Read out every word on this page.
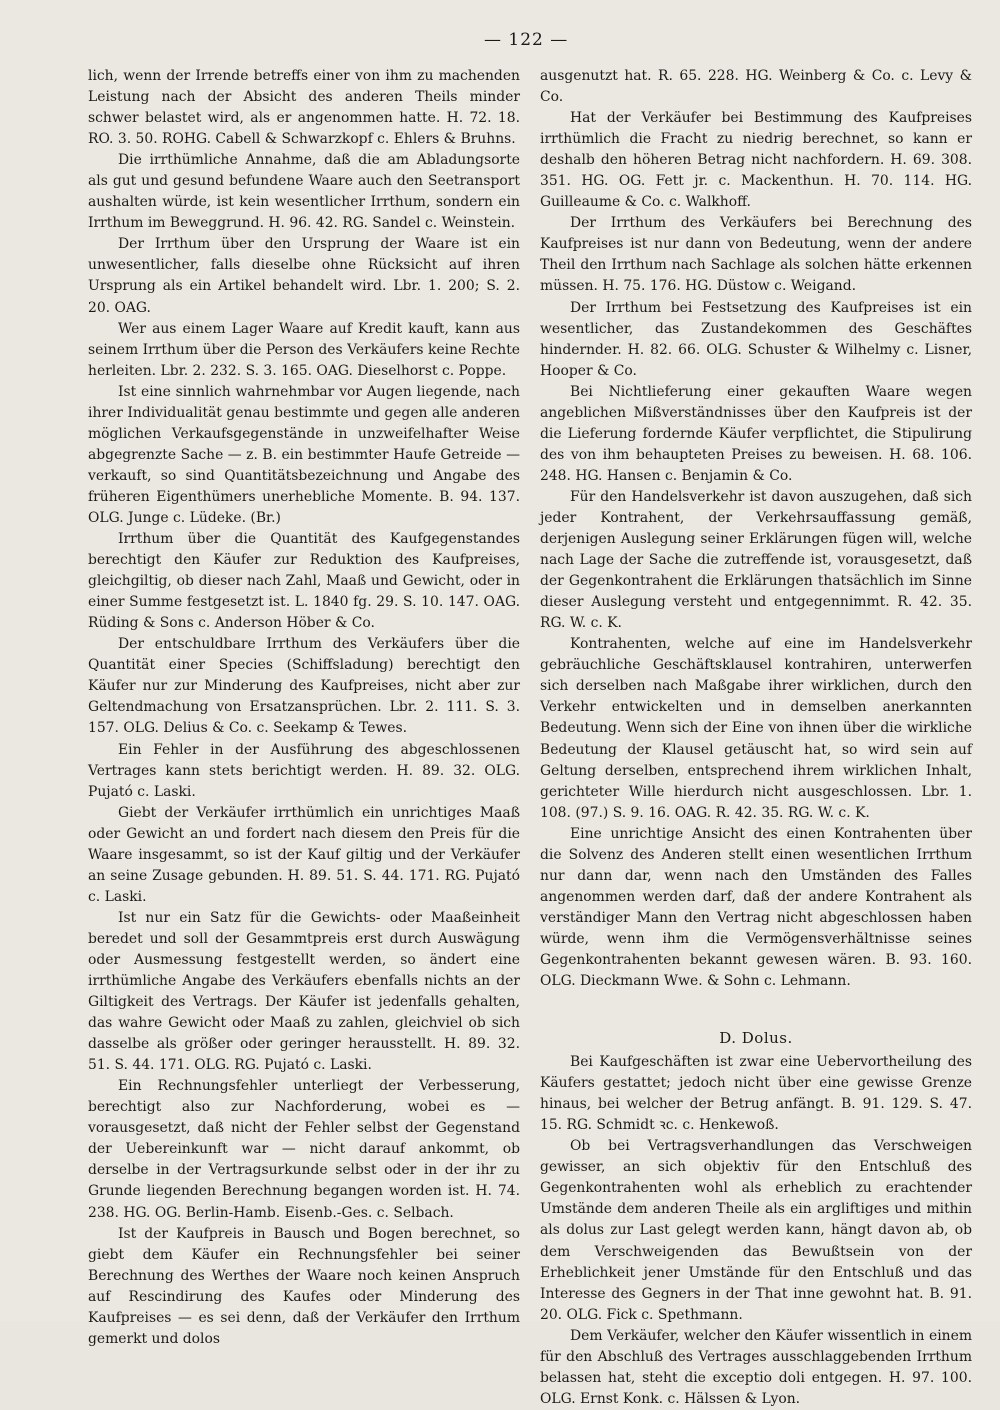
— 122 —

lich, wenn der Irrende betreffs einer von ihm zu machenden Leistung nach der Absicht des anderen Theils minder schwer belastet wird, als er angenommen hatte. H. 72. 18. RO. 3. 50. ROHG. Cabell & Schwarzkopf c. Ehlers & Bruhns.

Die irrthümliche Annahme, daß die am Abladungsorte als gut und gesund befundene Waare auch den Seetransport aushalten würde, ist kein wesentlicher Irrthum, sondern ein Irrthum im Beweggrund. H. 96. 42. RG. Sandel c. Weinstein.

Der Irrthum über den Ursprung der Waare ist ein unwesentlicher, falls dieselbe ohne Rücksicht auf ihren Ursprung als ein Artikel behandelt wird. Lbr. 1. 200; S. 2. 20. OAG.

Wer aus einem Lager Waare auf Kredit kauft, kann aus seinem Irrthum über die Person des Verkäufers keine Rechte herleiten. Lbr. 2. 232. S. 3. 165. OAG. Dieselhorst c. Poppe.

Ist eine sinnlich wahrnehmbar vor Augen liegende, nach ihrer Individualität genau bestimmte und gegen alle anderen möglichen Verkaufsgegenstände in unzweifelhafter Weise abgegrenzte Sache — z. B. ein bestimmter Haufe Getreide — verkauft, so sind Quantitätsbezeichnung und Angabe des früheren Eigenthümers unerhebliche Momente. B. 94. 137. OLG. Junge c. Lüdeke. (Br.)

Irrthum über die Quantität des Kaufgegenstandes berechtigt den Käufer zur Reduktion des Kaufpreises, gleichgiltig, ob dieser nach Zahl, Maaß und Gewicht, oder in einer Summe festgesetzt ist. L. 1840 fg. 29. S. 10. 147. OAG. Rüding & Sons c. Anderson Höber & Co.

Der entschuldbare Irrthum des Verkäufers über die Quantität einer Species (Schiffsladung) berechtigt den Käufer nur zur Minderung des Kaufpreises, nicht aber zur Geltendmachung von Ersatzansprüchen. Lbr. 2. 111. S. 3. 157. OLG. Delius & Co. c. Seekamp & Tewes.

Ein Fehler in der Ausführung des abgeschlossenen Vertrages kann stets berichtigt werden. H. 89. 32. OLG. Pujató c. Laski.

Giebt der Verkäufer irrthümlich ein unrichtiges Maaß oder Gewicht an und fordert nach diesem den Preis für die Waare insgesammt, so ist der Kauf giltig und der Verkäufer an seine Zusage gebunden. H. 89. 51. S. 44. 171. RG. Pujató c. Laski.

Ist nur ein Satz für die Gewichts- oder Maaßeinheit beredet und soll der Gesammtpreis erst durch Auswägung oder Ausmessung festgestellt werden, so ändert eine irrthümliche Angabe des Verkäufers ebenfalls nichts an der Giltigkeit des Vertrags. Der Käufer ist jedenfalls gehalten, das wahre Gewicht oder Maaß zu zahlen, gleichviel ob sich dasselbe als größer oder geringer herausstellt. H. 89. 32. 51. S. 44. 171. OLG. RG. Pujató c. Laski.

Ein Rechnungsfehler unterliegt der Verbesserung, berechtigt also zur Nachforderung, wobei es — vorausgesetzt, daß nicht der Fehler selbst der Gegenstand der Uebereinkunft war — nicht darauf ankommt, ob derselbe in der Vertragsurkunde selbst oder in der ihr zu Grunde liegenden Berechnung begangen worden ist. H. 74. 238. HG. OG. Berlin-Hamb. Eisenb.-Ges. c. Selbach.

Ist der Kaufpreis in Bausch und Bogen berechnet, so giebt dem Käufer ein Rechnungsfehler bei seiner Berechnung des Werthes der Waare noch keinen Anspruch auf Rescindirung des Kaufes oder Minderung des Kaufpreises — es sei denn, daß der Verkäufer den Irrthum gemerkt und dolos

ausgenutzt hat. R. 65. 228. HG. Weinberg & Co. c. Levy & Co.

Hat der Verkäufer bei Bestimmung des Kaufpreises irrthümlich die Fracht zu niedrig berechnet, so kann er deshalb den höheren Betrag nicht nachfordern. H. 69. 308. 351. HG. OG. Fett jr. c. Mackenthun. H. 70. 114. HG. Guilleaume & Co. c. Walkhoff.

Der Irrthum des Verkäufers bei Berechnung des Kaufpreises ist nur dann von Bedeutung, wenn der andere Theil den Irrthum nach Sachlage als solchen hätte erkennen müssen. H. 75. 176. HG. Düstow c. Weigand.

Der Irrthum bei Festsetzung des Kaufpreises ist ein wesentlicher, das Zustandekommen des Geschäftes hindernder. H. 82. 66. OLG. Schuster & Wilhelmy c. Lisner, Hooper & Co.

Bei Nichtlieferung einer gekauften Waare wegen angeblichen Mißverständnisses über den Kaufpreis ist der die Lieferung fordernde Käufer verpflichtet, die Stipulirung des von ihm behaupteten Preises zu beweisen. H. 68. 106. 248. HG. Hansen c. Benjamin & Co.

Für den Handelsverkehr ist davon auszugehen, daß sich jeder Kontrahent, der Verkehrsauffassung gemäß, derjenigen Auslegung seiner Erklärungen fügen will, welche nach Lage der Sache die zutreffende ist, vorausgesetzt, daß der Gegenkontrahent die Erklärungen thatsächlich im Sinne dieser Auslegung versteht und entgegennimmt. R. 42. 35. RG. W. c. K.

Kontrahenten, welche auf eine im Handelsverkehr gebräuchliche Geschäftsklausel kontrahiren, unterwerfen sich derselben nach Maßgabe ihrer wirklichen, durch den Verkehr entwickelten und in demselben anerkannten Bedeutung. Wenn sich der Eine von ihnen über die wirkliche Bedeutung der Klausel getäuscht hat, so wird sein auf Geltung derselben, entsprechend ihrem wirklichen Inhalt, gerichteter Wille hierdurch nicht ausgeschlossen. Lbr. 1. 108. (97.) S. 9. 16. OAG. R. 42. 35. RG. W. c. K.

Eine unrichtige Ansicht des einen Kontrahenten über die Solvenz des Anderen stellt einen wesentlichen Irrthum nur dann dar, wenn nach den Umständen des Falles angenommen werden darf, daß der andere Kontrahent als verständiger Mann den Vertrag nicht abgeschlossen haben würde, wenn ihm die Vermögensverhältnisse seines Gegenkontrahenten bekannt gewesen wären. B. 93. 160. OLG. Dieckmann Wwe. & Sohn c. Lehmann.

D. Dolus.

Bei Kaufgeschäften ist zwar eine Uebervortheilung des Käufers gestattet; jedoch nicht über eine gewisse Grenze hinaus, bei welcher der Betrug anfängt. B. 91. 129. S. 47. 15. RG. Schmidt ꝛc. c. Henkewoß.

Ob bei Vertragsverhandlungen das Verschweigen gewisser, an sich objektiv für den Entschluß des Gegenkontrahenten wohl als erheblich zu erachtender Umstände dem anderen Theile als ein argliftiges und mithin als dolus zur Last gelegt werden kann, hängt davon ab, ob dem Verschweigenden das Bewußtsein von der Erheblichkeit jener Umstände für den Entschluß und das Interesse des Gegners in der That inne gewohnt hat. B. 91. 20. OLG. Fick c. Spethmann.

Dem Verkäufer, welcher den Käufer wissentlich in einem für den Abschluß des Vertrages ausschlaggebenden Irrthum belassen hat, steht die exceptio doli entgegen. H. 97. 100. OLG. Ernst Konk. c. Hälssen & Lyon.
